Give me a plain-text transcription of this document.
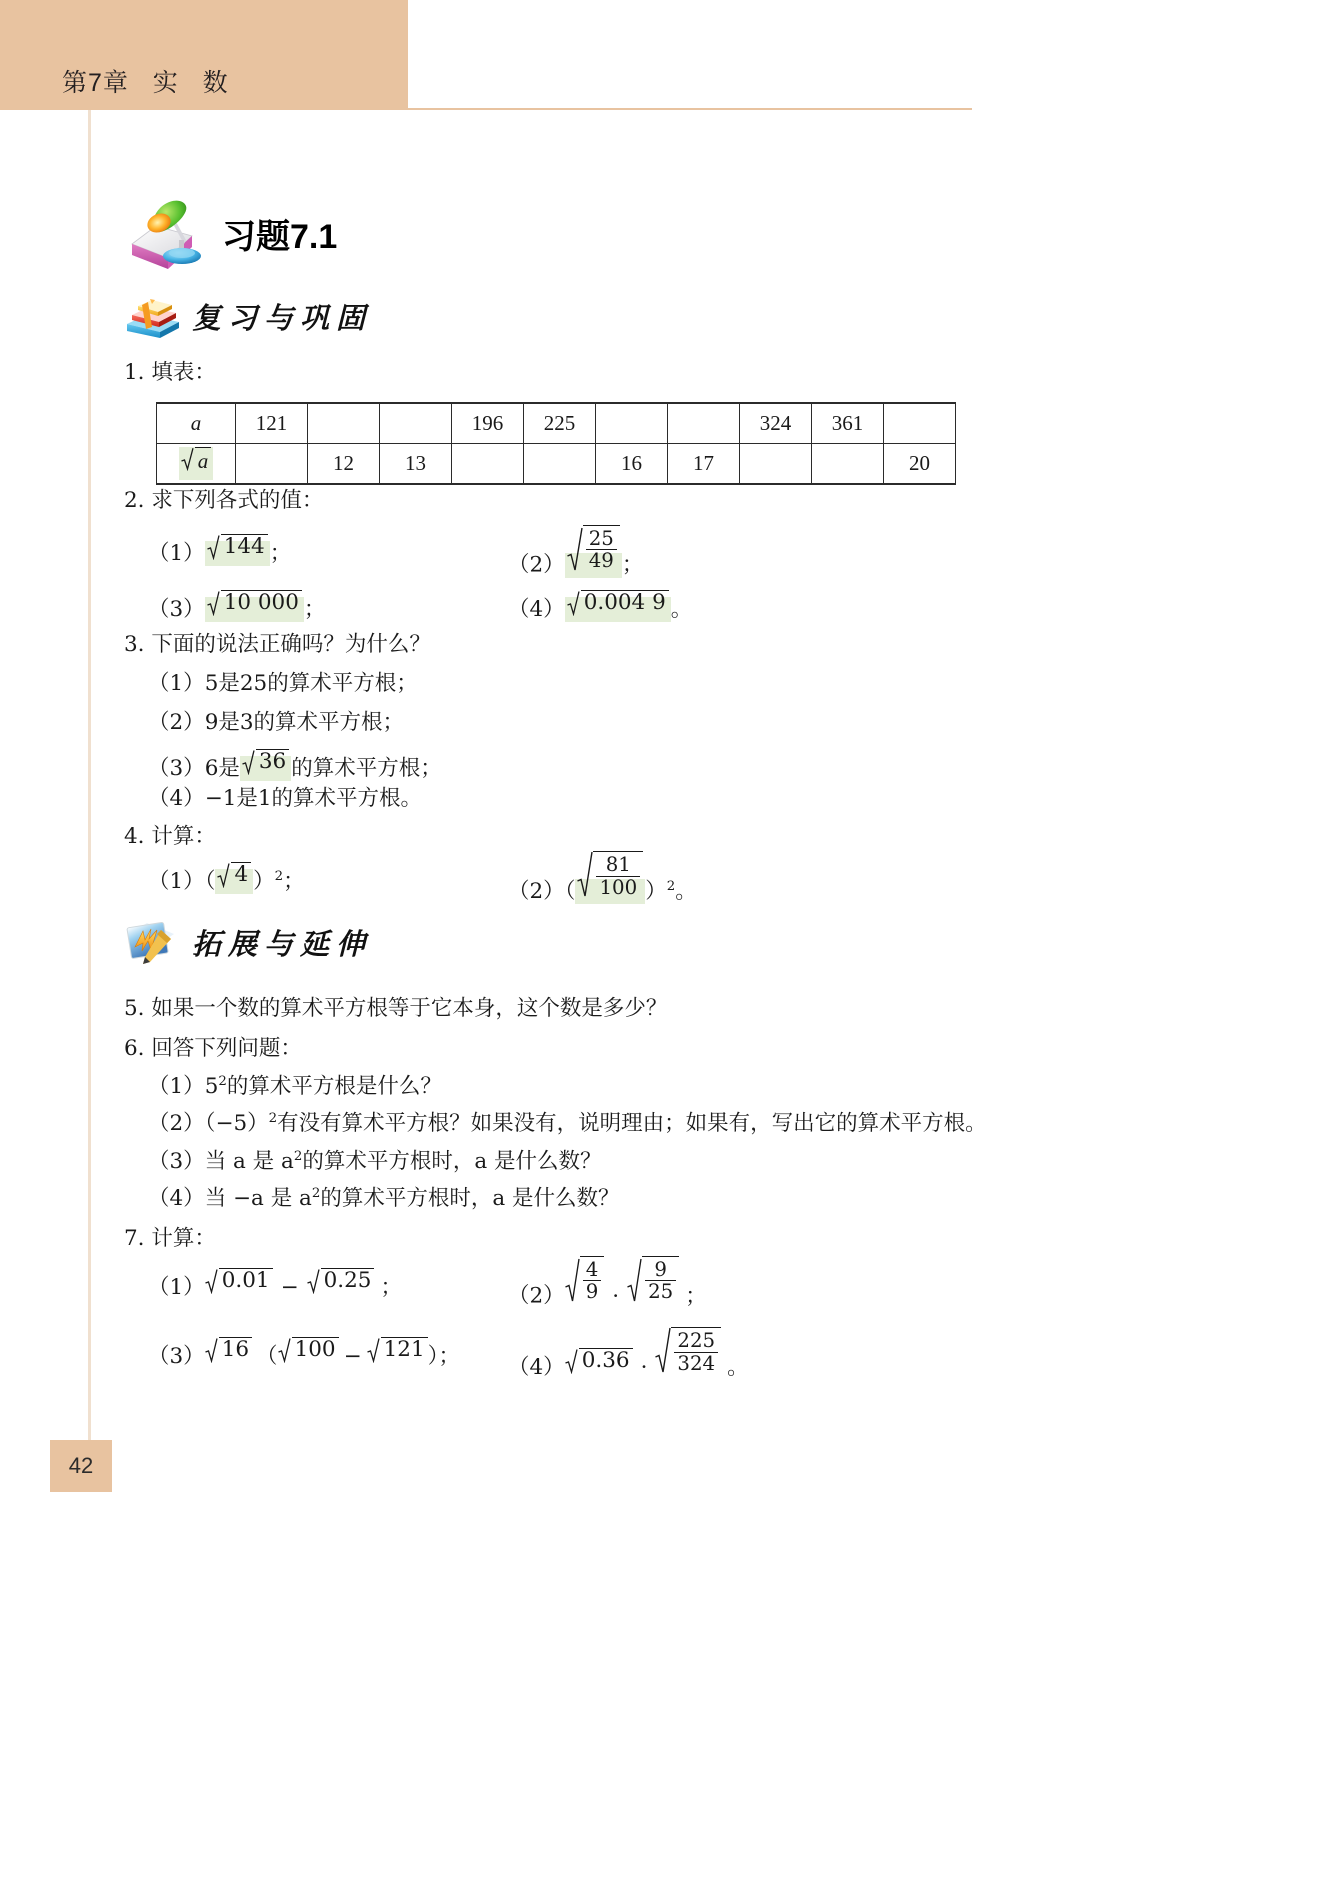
第7章   实   数
42
习题7.1
复习与巩固
1. 填表：
a	121			196	225			324	361	

a		12	13			16	17			20
2. 求下列各式的值：
（1） 144 ；	$(2) \frac{25}{49}$ ；
（3） 10 000 ；	（4） 0.004 9 。
3. 下面的说法正确吗？为什么？
（1）5是25的算术平方根；
（2）9是3的算术平方根；
（3）6是 36 的算术平方根；
（4）−1是1的算术平方根。
4. 计算：
（1）（ 4 ）$^2$；	$(2)( \frac{81}{100} )^2$。
拓展与延伸
5. 如果一个数的算术平方根等于它本身，这个数是多少？
6. 回答下列问题：
$(1)5^2$的算术平方根是什么？
$(2)(-5)^2$有没有算术平方根？如果没有，说明理由；如果有，写出它的算术平方根。
（3）当 a 是 $a^2$的算术平方根时，a 是什么数？
（4）当 −a 是 $a^2$的算术平方根时，a 是什么数？
7. 计算：
（1） 0.01 − 0.25 ；	$(2) \frac{4}{9} \cdot \frac{9}{25}$ ；
（3） 16 （ 100 − 121 ）； （4） $0.36 \cdot \frac{225}{324}$ 。
